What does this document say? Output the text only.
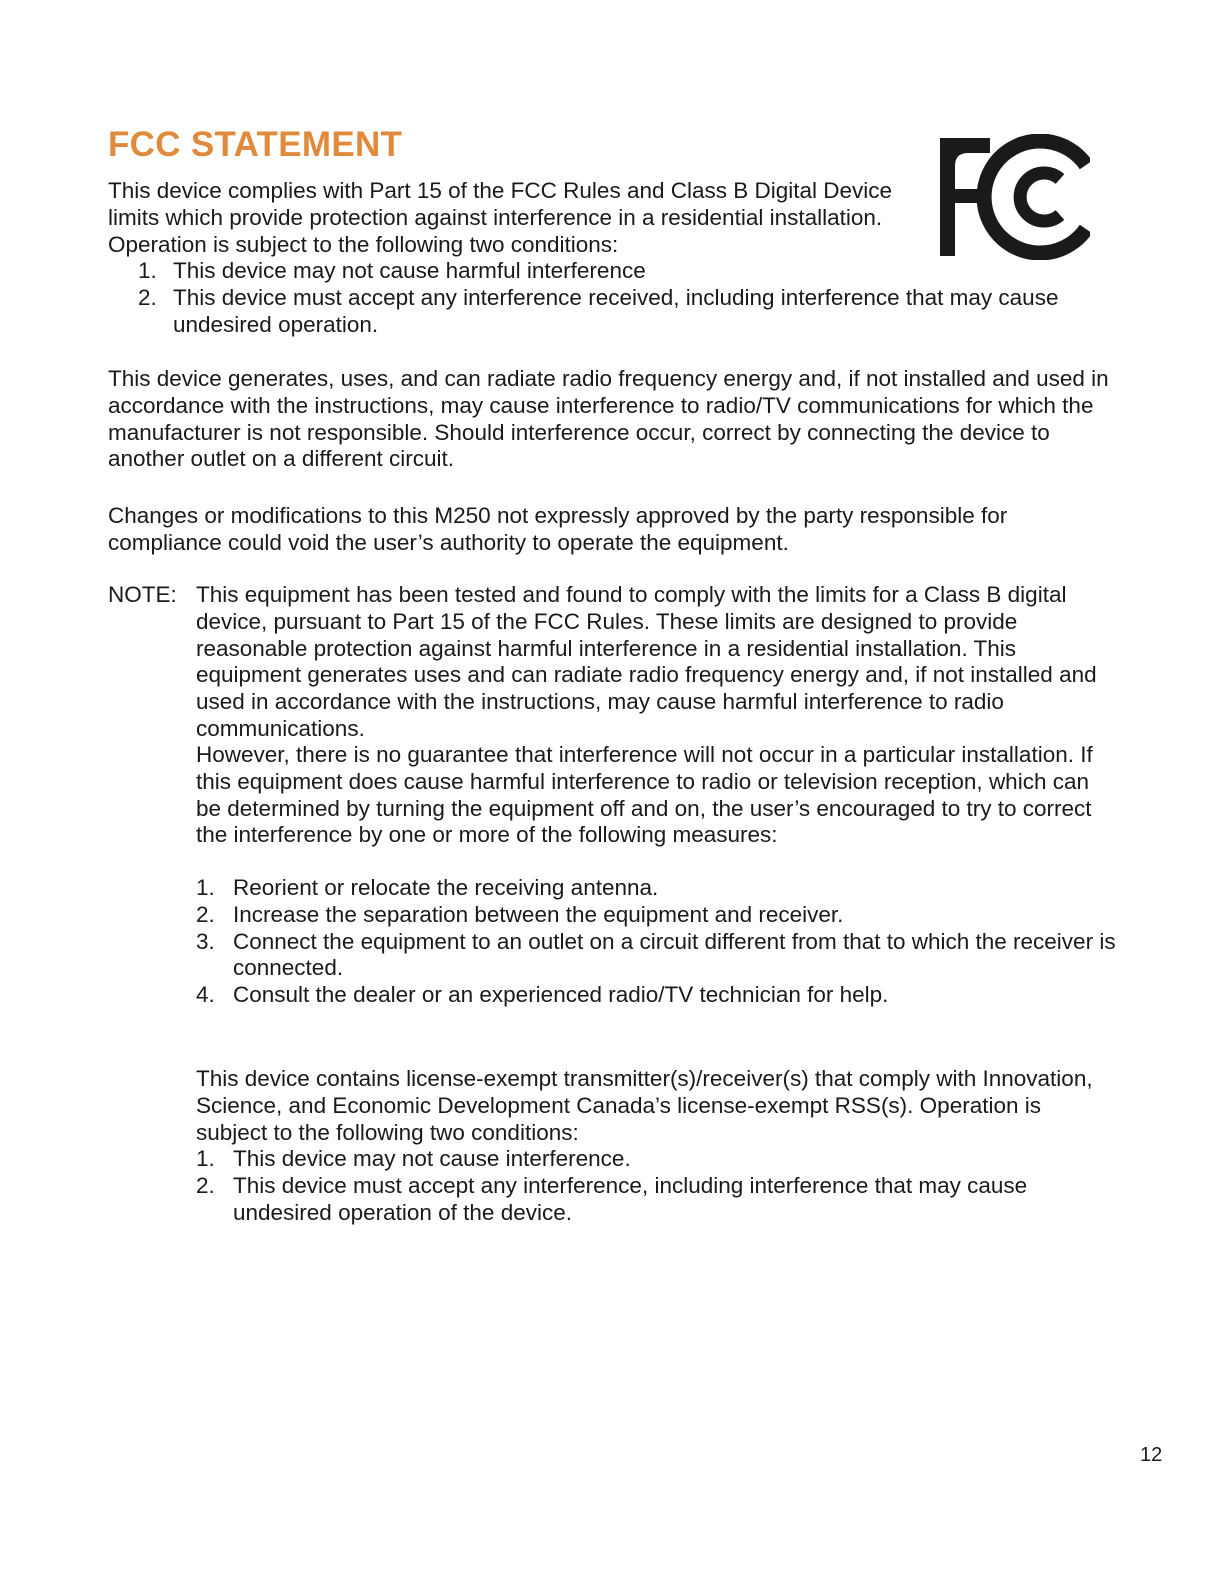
FCC STATEMENT

This device complies with Part 15 of the FCC Rules and Class B Digital Device limits which provide protection against interference in a residential installation. Operation is subject to the following two conditions:

1. This device may not cause harmful interference
2. This device must accept any interference received, including interference that may cause undesired operation.

This device generates, uses, and can radiate radio frequency energy and, if not installed and used in accordance with the instructions, may cause interference to radio/TV communications for which the manufacturer is not responsible. Should interference occur, correct by connecting the device to another outlet on a different circuit.

Changes or modifications to this M250 not expressly approved by the party responsible for compliance could void the user’s authority to operate the equipment.

NOTE: This equipment has been tested and found to comply with the limits for a Class B digital device, pursuant to Part 15 of the FCC Rules. These limits are designed to provide reasonable protection against harmful interference in a residential installation. This equipment generates uses and can radiate radio frequency energy and, if not installed and used in accordance with the instructions, may cause harmful interference to radio communications.

However, there is no guarantee that interference will not occur in a particular installation. If this equipment does cause harmful interference to radio or television reception, which can be determined by turning the equipment off and on, the user’s encouraged to try to correct the interference by one or more of the following measures:

1. Reorient or relocate the receiving antenna.
2. Increase the separation between the equipment and receiver.
3. Connect the equipment to an outlet on a circuit different from that to which the receiver is connected.
4. Consult the dealer or an experienced radio/TV technician for help.

This device contains license-exempt transmitter(s)/receiver(s) that comply with Innovation, Science, and Economic Development Canada’s license-exempt RSS(s). Operation is subject to the following two conditions:

1. This device may not cause interference.
2. This device must accept any interference, including interference that may cause undesired operation of the device.

12
